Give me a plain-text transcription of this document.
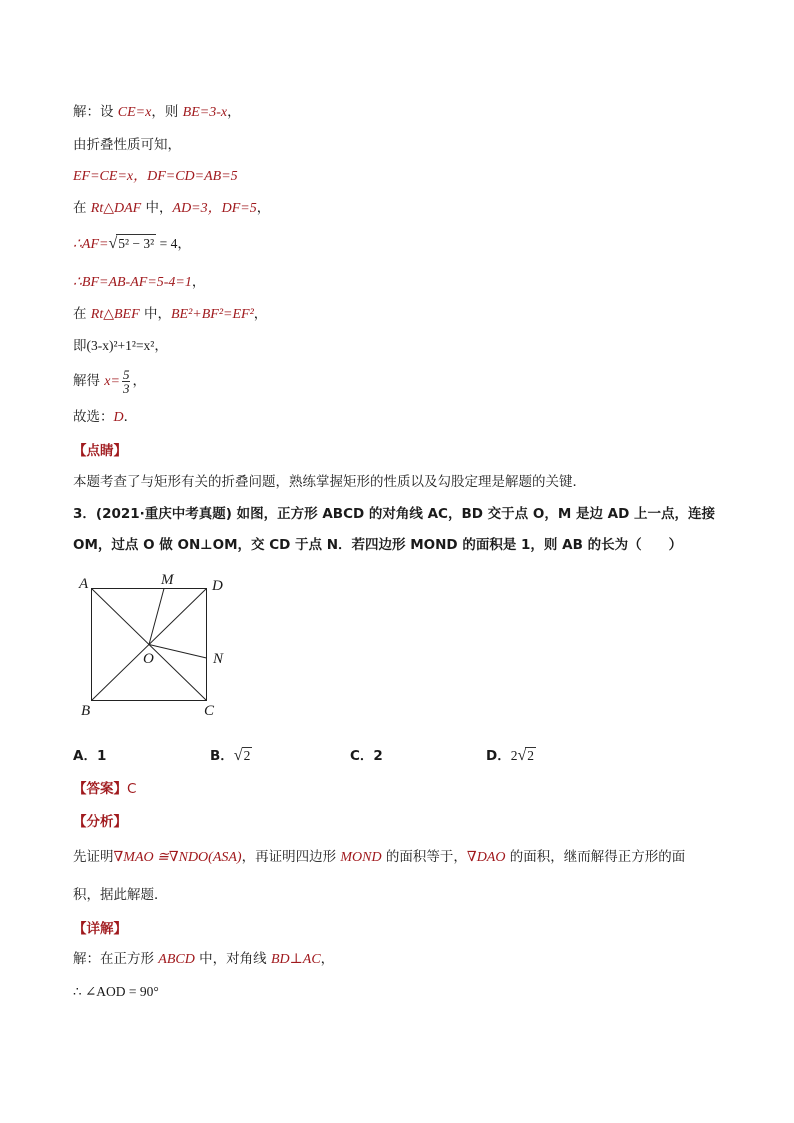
解：设 CE=x，则 BE=3-x，
由折叠性质可知，
EF=CE=x，DF=CD=AB=5
在 Rt△DAF 中，AD=3，DF=5，
∴AF=√5² − 3² = 4，
∴BF=AB-AF=5-4=1，
在 Rt△BEF 中，BE²+BF²=EF²，
即(3-x)²+1²=x²，
解得 $x= \frac{5}{3}$ ，
故选：D．
【点睛】
本题考查了与矩形有关的折叠问题，熟练掌握矩形的性质以及勾股定理是解题的关键．
3．(2021·重庆中考真题) 如图，正方形 ABCD 的对角线 AC，BD 交于点 O，M 是边 AD 上一点，连接
OM，过点 O 做 ON⊥OM，交 CD 于点 N．若四边形 MOND 的面积是 1，则 AB 的长为（　　）
A	M	D
O	N
B	C
A．1	B．√2	C．2	D．2√2
【答案】C
【分析】
先证明∇MAO ≅∇NDO(ASA)，再证明四边形 MOND 的面积等于，∇DAO 的面积，继而解得正方形的面
积，据此解题．
【详解】
解：在正方形 ABCD 中，对角线 BD⊥AC，
∴ ∠AOD = 90°
